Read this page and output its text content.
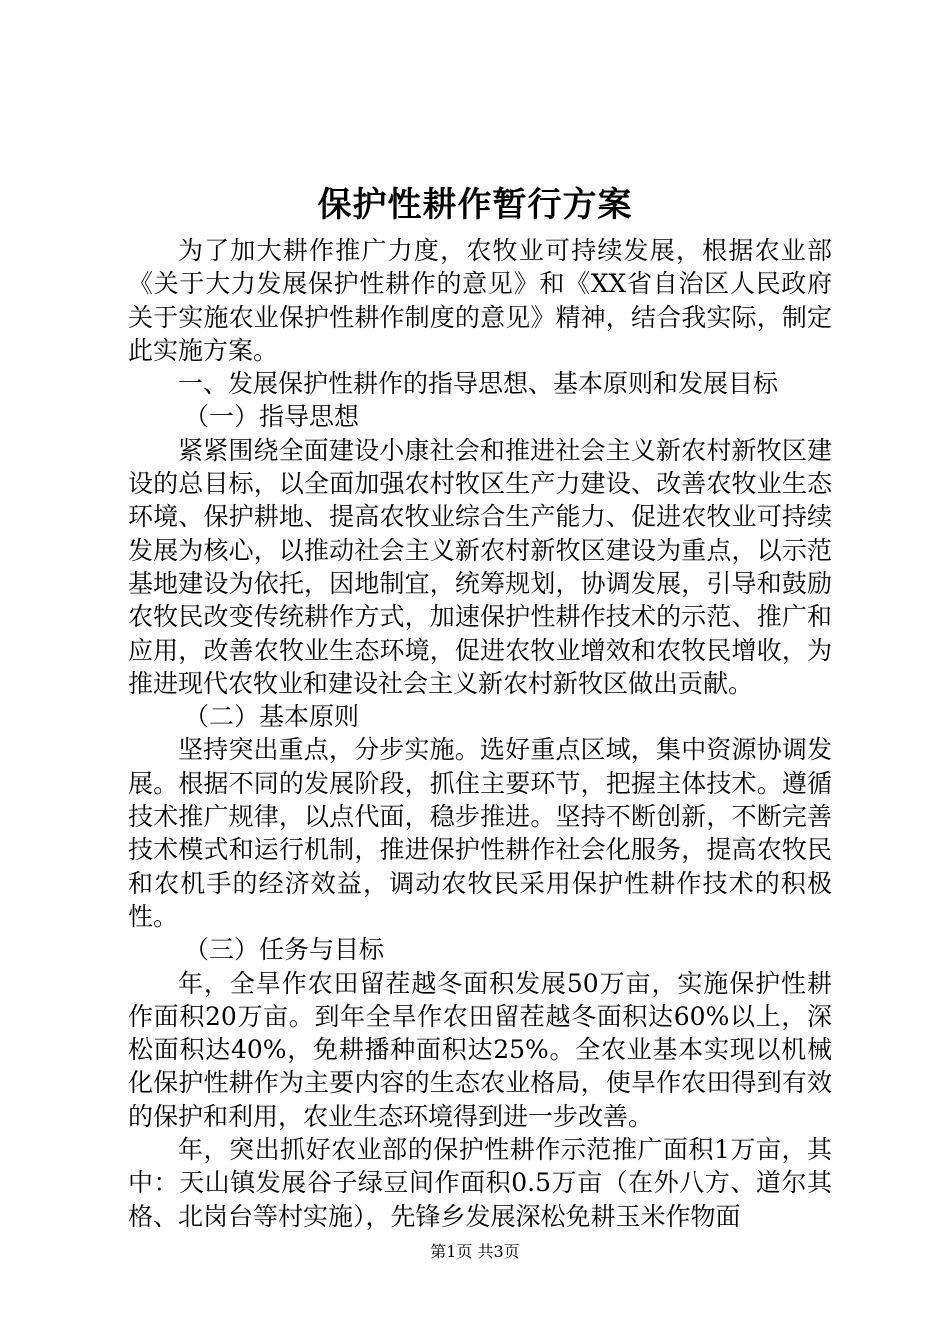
保护性耕作暂行方案

为了加大耕作推广力度，农牧业可持续发展，根据农业部《关于大力发展保护性耕作的意见》和《XX省自治区人民政府关于实施农业保护性耕作制度的意见》精神，结合我实际，制定此实施方案。

一、发展保护性耕作的指导思想、基本原则和发展目标

（一）指导思想

紧紧围绕全面建设小康社会和推进社会主义新农村新牧区建设的总目标，以全面加强农村牧区生产力建设、改善农牧业生态环境、保护耕地、提高农牧业综合生产能力、促进农牧业可持续发展为核心，以推动社会主义新农村新牧区建设为重点，以示范基地建设为依托，因地制宜，统筹规划，协调发展，引导和鼓励农牧民改变传统耕作方式，加速保护性耕作技术的示范、推广和应用，改善农牧业生态环境，促进农牧业增效和农牧民增收，为推进现代农牧业和建设社会主义新农村新牧区做出贡献。

（二）基本原则

坚持突出重点，分步实施。选好重点区域，集中资源协调发展。根据不同的发展阶段，抓住主要环节，把握主体技术。遵循技术推广规律，以点代面，稳步推进。坚持不断创新，不断完善技术模式和运行机制，推进保护性耕作社会化服务，提高农牧民和农机手的经济效益，调动农牧民采用保护性耕作技术的积极性。

（三）任务与目标

年，全旱作农田留茬越冬面积发展50万亩，实施保护性耕作面积20万亩。到年全旱作农田留茬越冬面积达60%以上，深松面积达40%，免耕播种面积达25%。全农业基本实现以机械化保护性耕作为主要内容的生态农业格局，使旱作农田得到有效的保护和利用，农业生态环境得到进一步改善。

年，突出抓好农业部的保护性耕作示范推广面积1万亩，其中：天山镇发展谷子绿豆间作面积0.5万亩（在外八方、道尔其格、北岗台等村实施），先锋乡发展深松免耕玉米作物面

第1页 共3页
